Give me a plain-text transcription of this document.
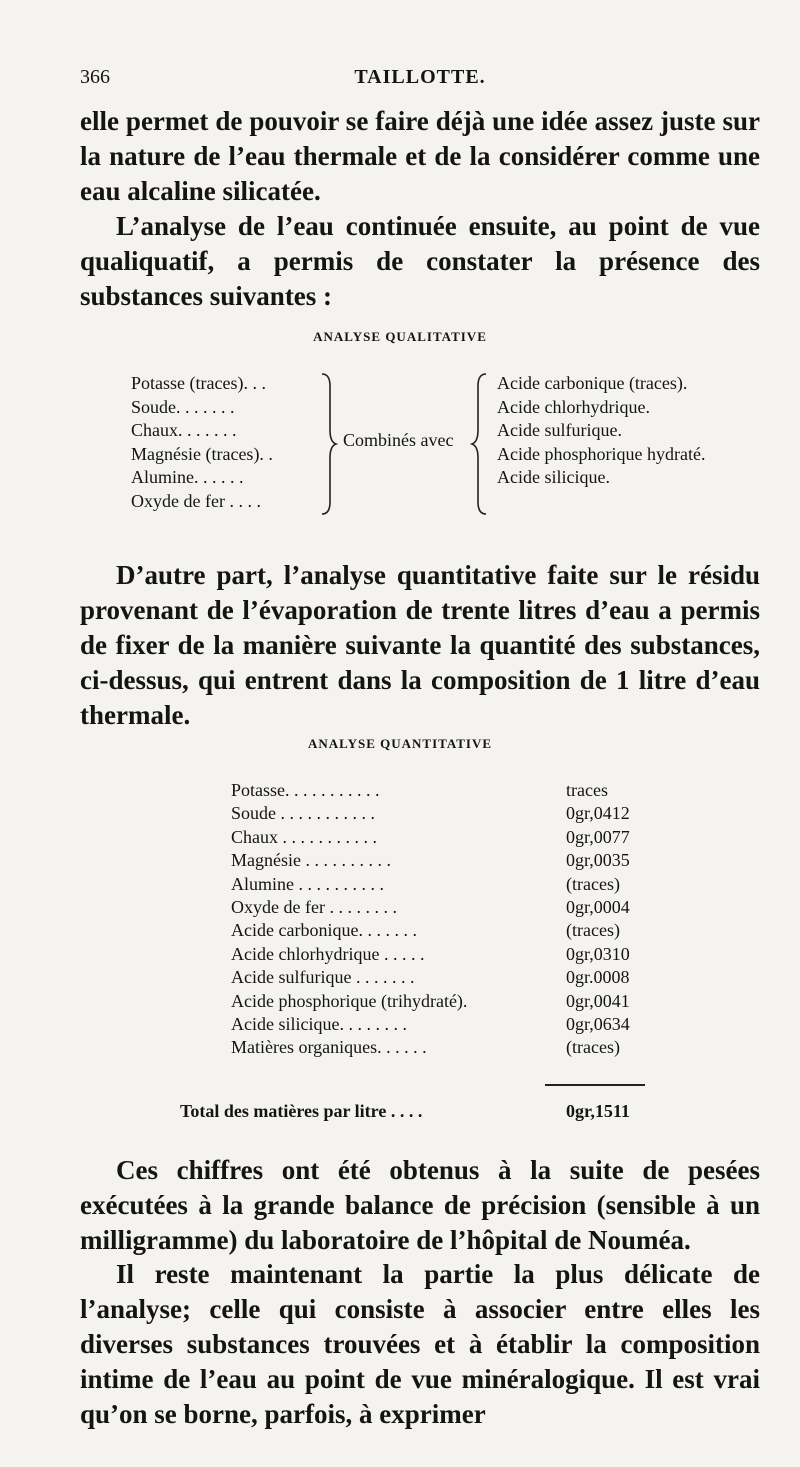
366	TAILLOTTE.
elle permet de pouvoir se faire déjà une idée assez juste sur la nature de l’eau thermale et de la considérer comme une eau alcaline silicatée.
L’analyse de l’eau continuée ensuite, au point de vue qualiquatif, a permis de constater la présence des substances suivantes :
ANALYSE QUALITATIVE
Potasse (traces). . .
Soude. . . . . . .
Chaux. . . . . . .
Magnésie (traces). .
Alumine. . . . . .
Oxyde de fer . . . .
Combinés avec
Acide carbonique (traces).
Acide chlorhydrique.
Acide sulfurique.
Acide phosphorique hydraté.
Acide silicique.
D’autre part, l’analyse quantitative faite sur le résidu provenant de l’évaporation de trente litres d’eau a permis de fixer de la manière suivante la quantité des substances, ci-dessus, qui entrent dans la composition de 1 litre d’eau thermale.
ANALYSE QUANTITATIVE
Potasse. . . . . . . . . . .	traces
Soude . . . . . . . . . . .	0gr,0412
Chaux . . . . . . . . . . .	0gr,0077
Magnésie . . . . . . . . . .	0gr,0035
Alumine . . . . . . . . . .	(traces)
Oxyde de fer . . . . . . . .	0gr,0004
Acide carbonique. . . . . . .	(traces)
Acide chlorhydrique . . . . .	0gr,0310
Acide sulfurique . . . . . . .	0gr.0008
Acide phosphorique (trihydraté).	0gr,0041
Acide silicique. . . . . . . .	0gr,0634
Matières organiques. . . . . .	(traces)
Total des matières par litre . . . .	0gr,1511
Ces chiffres ont été obtenus à la suite de pesées exécutées à la grande balance de précision (sensible à un milligramme) du laboratoire de l’hôpital de Nouméa.
Il reste maintenant la partie la plus délicate de l’analyse; celle qui consiste à associer entre elles les diverses substances trouvées et à établir la composition intime de l’eau au point de vue minéralogique. Il est vrai qu’on se borne, parfois, à exprimer
